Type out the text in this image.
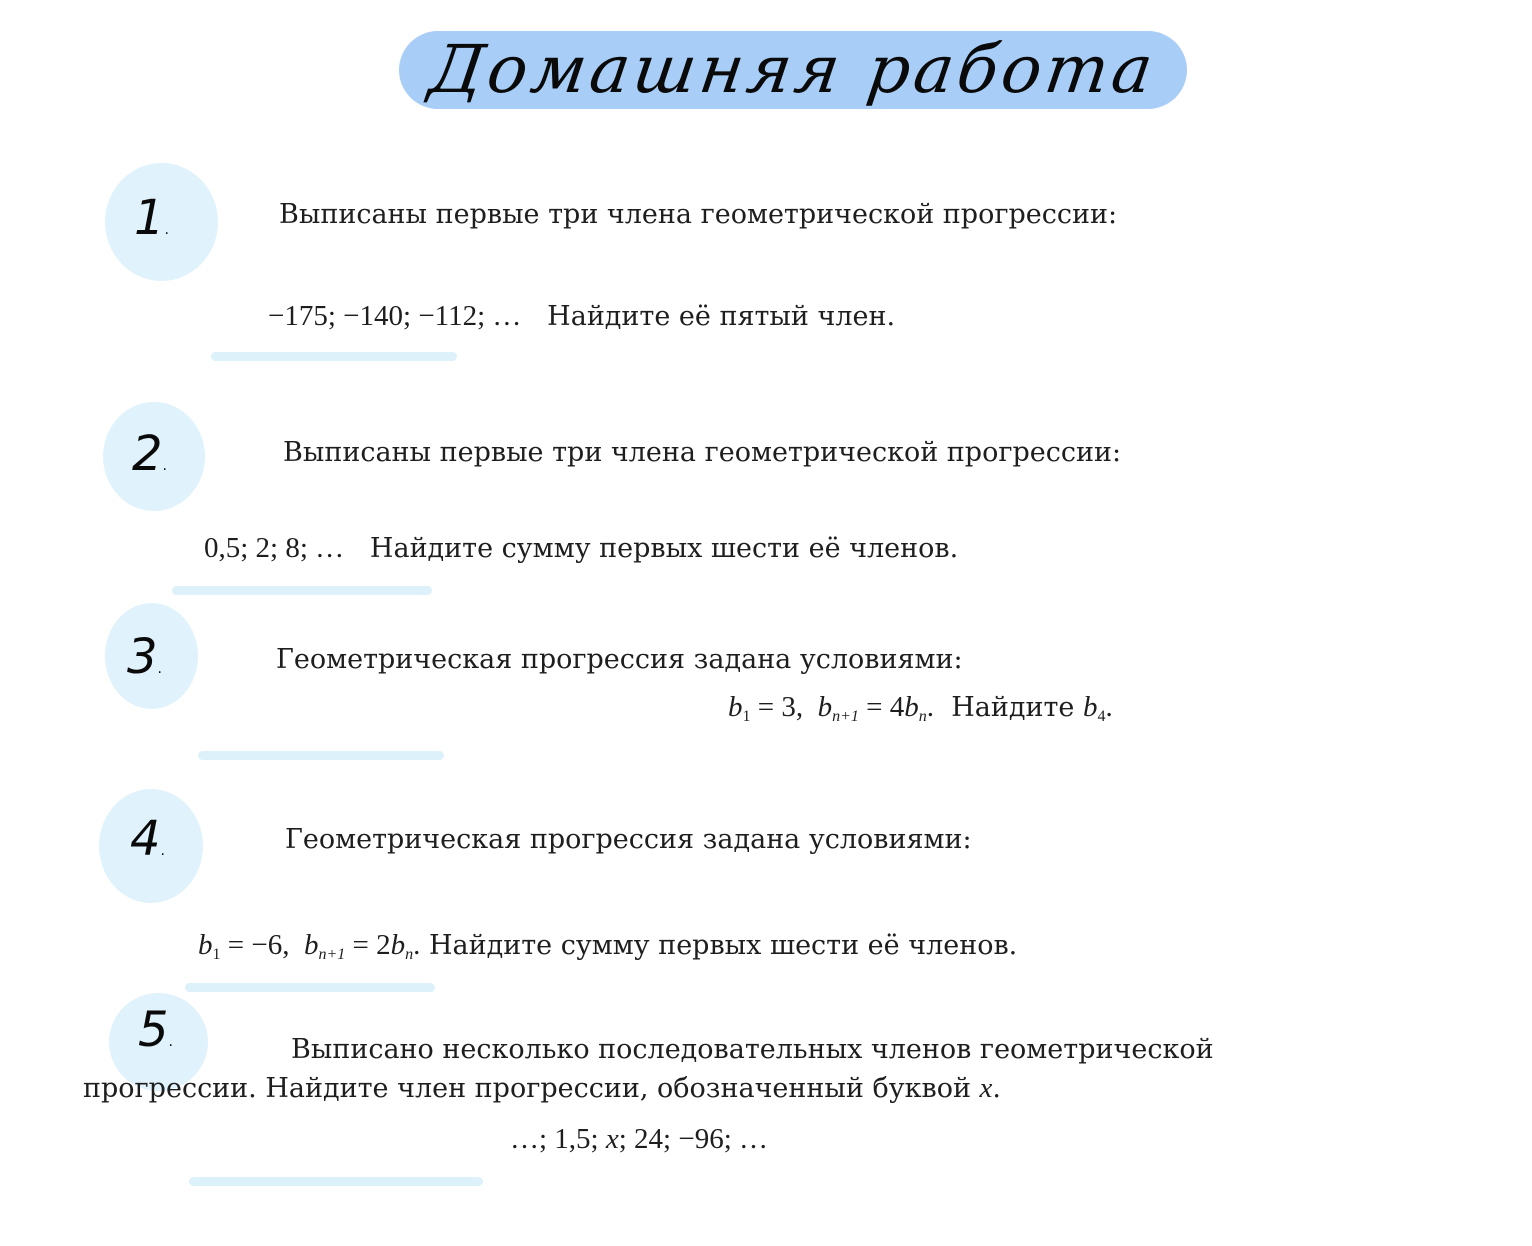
Домашняя работа
1.	Выписаны первые три члена геометрической прогрессии:
−175; −140; −112; … Найдите её пятый член.
2.	Выписаны первые три члена геометрической прогрессии:
0,5; 2; 8; … Найдите сумму первых шести её членов.
3.	Геометрическая прогрессия задана условиями:
$b_1 = 3$, $b_{n+1} = 4b_n$. Найдите $b_4$.
4.	Геометрическая прогрессия задана условиями:
$b_1 = -6$, $b_{n+1} = 2b_n$. Найдите сумму первых шести её членов.
5.	Выписано несколько последовательных членов геометрической
прогрессии. Найдите член прогрессии, обозначенный буквой x.
…; 1,5; x; 24; −96; …
